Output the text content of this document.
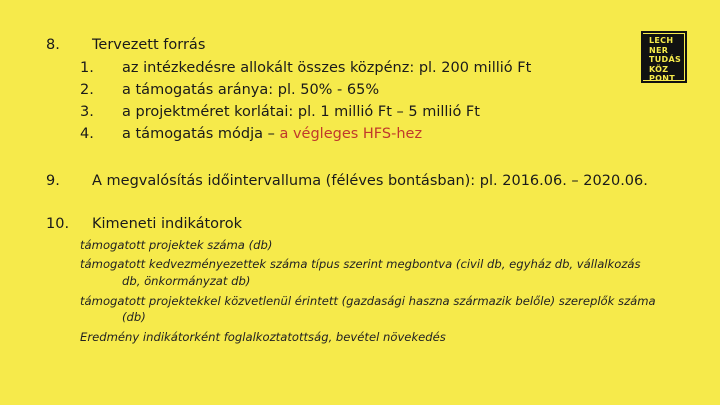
8. Tervezett forrás
1. az intézkedésre allokált összes közpénz: pl. 200 millió Ft
2. a támogatás aránya: pl. 50% - 65%
3. a projektméret korlátai: pl. 1 millió Ft – 5 millió Ft
4. a támogatás módja – a végleges HFS-hez
9. A megvalósítás időintervalluma (féléves bontásban): pl. 2016.06. – 2020.06.
10. Kimeneti indikátorok
támogatott projektek száma (db)
támogatott kedvezményezettek száma típus szerint megbontva (civil db, egyház db, vállalkozás
db, önkormányzat db)
támogatott projektekkel közvetlenül érintett (gazdasági haszna származik belőle) szereplők száma
(db)
Eredmény indikátorként foglalkoztatottság, bevétel növekedés
LECH
NER
TUDÁS
KÖZ
PONT
